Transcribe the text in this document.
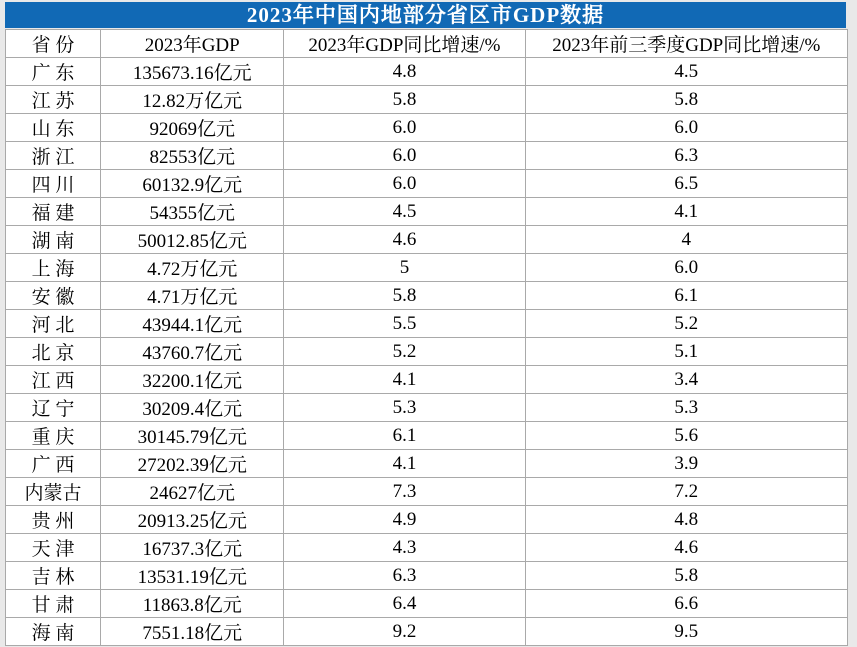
2023年中国内地部分省区市GDP数据
省 份	2023年GDP	2023年GDP同比增速/%	2023年前三季度GDP同比增速/%
广 东	135673.16亿元	4.8	4.5
江 苏	12.82万亿元	5.8	5.8
山 东	92069亿元	6.0	6.0
浙 江	82553亿元	6.0	6.3
四 川	60132.9亿元	6.0	6.5
福 建	54355亿元	4.5	4.1
湖 南	50012.85亿元	4.6	4
上 海	4.72万亿元	5	6.0
安 徽	4.71万亿元	5.8	6.1
河 北	43944.1亿元	5.5	5.2
北 京	43760.7亿元	5.2	5.1
江 西	32200.1亿元	4.1	3.4
辽 宁	30209.4亿元	5.3	5.3
重 庆	30145.79亿元	6.1	5.6
广 西	27202.39亿元	4.1	3.9
内蒙古	24627亿元	7.3	7.2
贵 州	20913.25亿元	4.9	4.8
天 津	16737.3亿元	4.3	4.6
吉 林	13531.19亿元	6.3	5.8
甘 肃	11863.8亿元	6.4	6.6
海 南	7551.18亿元	9.2	9.5
